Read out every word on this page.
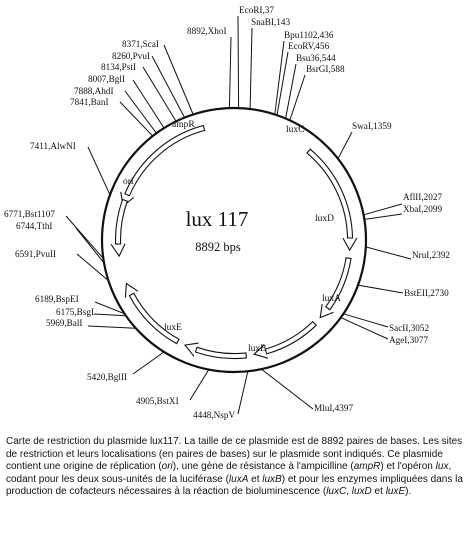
lux 117
8892 bps
luxC
luxD
luxA
luxB
luxE
ampR
ori
EcoRI,37
SnaBI,143
Bpu1102,436
EcoRV,456
Bsu36,544
BsrGI,588
SwaI,1359
AflII,2027
XbaI,2099
NruI,2392
BstEII,2730
SacII,3052
AgeI,3077
MluI,4397
4448,NspV
4905,BstXI
5420,BglII
5969,BalI
6175,BsgI
6189,BspEI
6591,PvuII
6744,TthI
6771,Bst1107
7411,AlwNI
7841,BanI
7888,AhdI
8007,BglI
8134,PstI
8260,PvuI
8371,ScaI
8892,XhoI

Carte de restriction du plasmide lux117. La taille de ce plasmide est de 8892 paires de bases. Les sites de restriction et leurs localisations (en paires de bases) sur le plasmide sont indiqués. Ce plasmide contient une origine de réplication (ori), une gène de résistance à l'ampicilline (ampR) et l'opéron lux, codant pour les deux sous-unités de la luciférase (luxA et luxB) et pour les enzymes impliquées dans la production de cofacteurs nécessaires à la réaction de bioluminescence (luxC, luxD et luxE).
